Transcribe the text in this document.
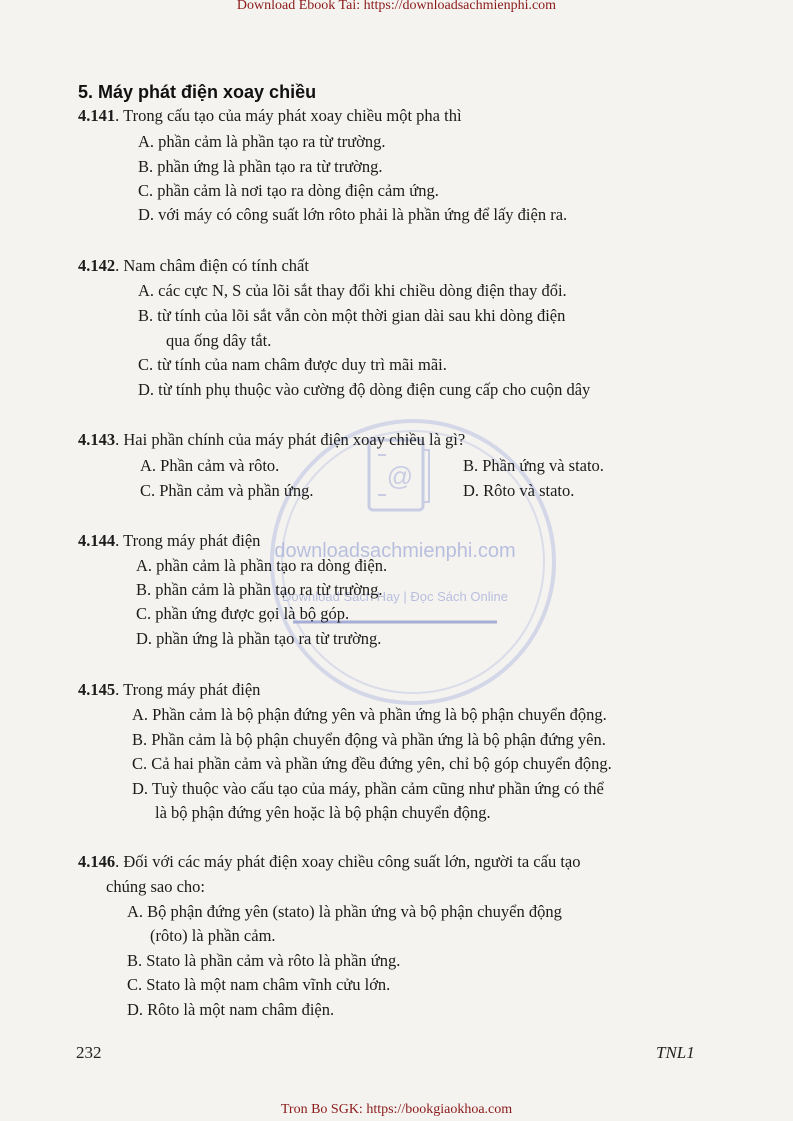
Download Ebook Tai: https://downloadsachmienphi.com
@
downloadsachmienphi.com
Download Sách Hay | Đọc Sách Online
5. Máy phát điện xoay chiều
4.141. Trong cấu tạo của máy phát xoay chiều một pha thì
A. phần cảm là phần tạo ra từ trường.
B. phần ứng là phần tạo ra từ trường.
C. phần cảm là nơi tạo ra dòng điện cảm ứng.
D. với máy có công suất lớn rôto phải là phần ứng để lấy điện ra.
4.142. Nam châm điện có tính chất
A. các cực N, S của lõi sắt thay đổi khi chiều dòng điện thay đổi.
B. từ tính của lõi sắt vẫn còn một thời gian dài sau khi dòng điện
qua ống dây tắt.
C. từ tính của nam châm được duy trì mãi mãi.
D. từ tính phụ thuộc vào cường độ dòng điện cung cấp cho cuộn dây
4.143. Hai phần chính của máy phát điện xoay chiều là gì?
A. Phần cảm và rôto.	B. Phần ứng và stato.
C. Phần cảm và phần ứng.	D. Rôto và stato.
4.144. Trong máy phát điện
A. phần cảm là phần tạo ra dòng điện.
B. phần cảm là phần tạo ra từ trường.
C. phần ứng được gọi là bộ góp.
D. phần ứng là phần tạo ra từ trường.
4.145. Trong máy phát điện
A. Phần cảm là bộ phận đứng yên và phần ứng là bộ phận chuyển động.
B. Phần cảm là bộ phận chuyển động và phần ứng là bộ phận đứng yên.
C. Cả hai phần cảm và phần ứng đều đứng yên, chỉ bộ góp chuyển động.
D. Tuỳ thuộc vào cấu tạo của máy, phần cảm cũng như phần ứng có thể
là bộ phận đứng yên hoặc là bộ phận chuyển động.
4.146. Đối với các máy phát điện xoay chiều công suất lớn, người ta cấu tạo
chúng sao cho:
A. Bộ phận đứng yên (stato) là phần ứng và bộ phận chuyển động
(rôto) là phần cảm.
B. Stato là phần cảm và rôto là phần ứng.
C. Stato là một nam châm vĩnh cửu lớn.
D. Rôto là một nam châm điện.
232	TNL1
Tron Bo SGK: https://bookgiaokhoa.com
